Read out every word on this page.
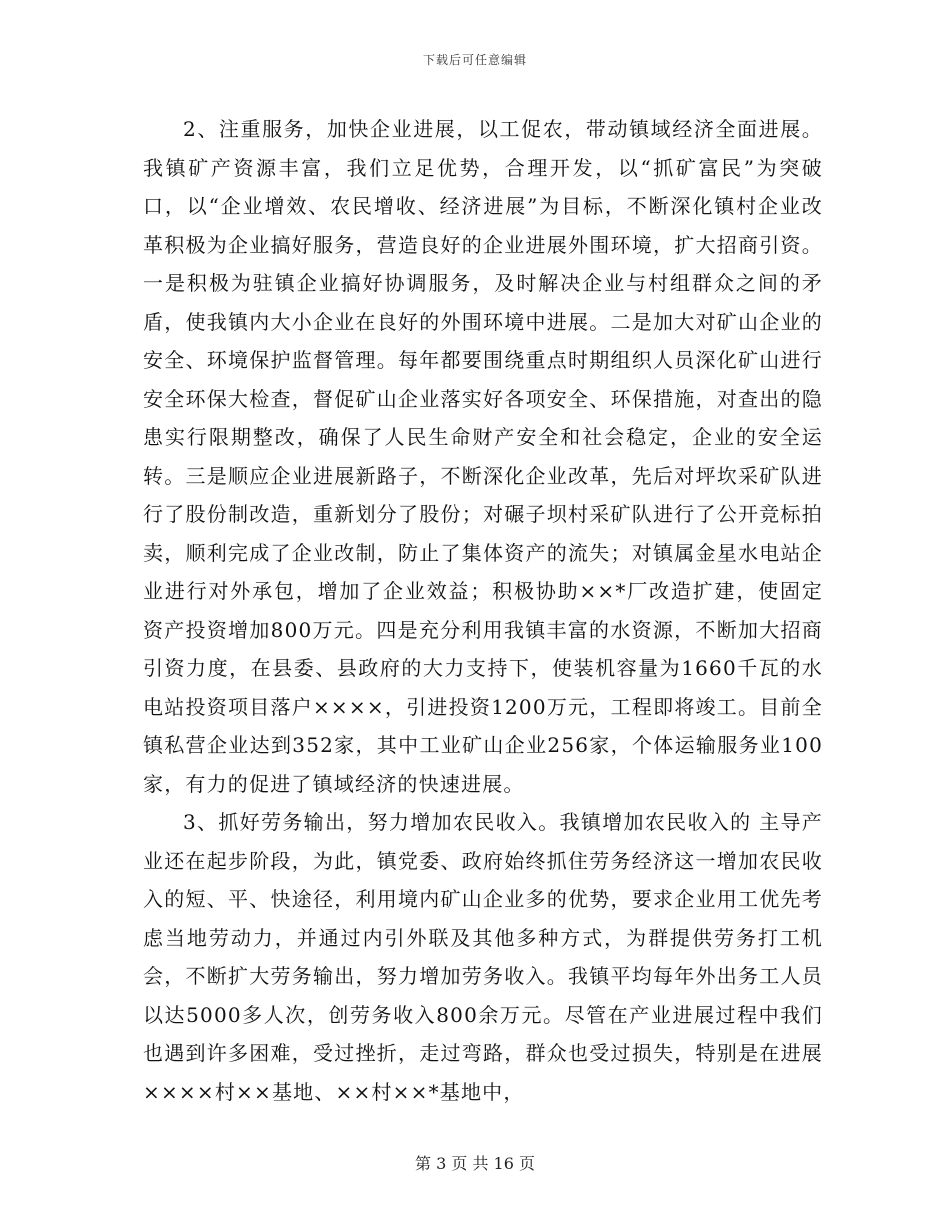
下载后可任意编辑

2、注重服务，加快企业进展，以工促农，带动镇域经济全面进展。我镇矿产资源丰富，我们立足优势，合理开发，以“抓矿富民”为突破口，以“企业增效、农民增收、经济进展”为目标，不断深化镇村企业改革积极为企业搞好服务，营造良好的企业进展外围环境，扩大招商引资。一是积极为驻镇企业搞好协调服务，及时解决企业与村组群众之间的矛盾，使我镇内大小企业在良好的外围环境中进展。二是加大对矿山企业的安全、环境保护监督管理。每年都要围绕重点时期组织人员深化矿山进行安全环保大检查，督促矿山企业落实好各项安全、环保措施，对查出的隐患实行限期整改，确保了人民生命财产安全和社会稳定，企业的安全运转。三是顺应企业进展新路子，不断深化企业改革，先后对坪坎采矿队进行了股份制改造，重新划分了股份；对碾子坝村采矿队进行了公开竞标拍卖，顺利完成了企业改制，防止了集体资产的流失；对镇属金星水电站企业进行对外承包，增加了企业效益；积极协助××*厂改造扩建，使固定资产投资增加800万元。四是充分利用我镇丰富的水资源，不断加大招商引资力度，在县委、县政府的大力支持下，使装机容量为1660千瓦的水电站投资项目落户××××，引进投资1200万元，工程即将竣工。目前全镇私营企业达到352家，其中工业矿山企业256家，个体运输服务业100家，有力的促进了镇域经济的快速进展。

3、抓好劳务输出，努力增加农民收入。我镇增加农民收入的 主导产业还在起步阶段，为此，镇党委、政府始终抓住劳务经济这一增加农民收入的短、平、快途径，利用境内矿山企业多的优势，要求企业用工优先考虑当地劳动力，并通过内引外联及其他多种方式，为群提供劳务打工机会，不断扩大劳务输出，努力增加劳务收入。我镇平均每年外出务工人员以达5000多人次，创劳务收入800余万元。尽管在产业进展过程中我们也遇到许多困难，受过挫折，走过弯路，群众也受过损失，特别是在进展××××村××基地、××村××*基地中，

第 3 页 共 16 页
